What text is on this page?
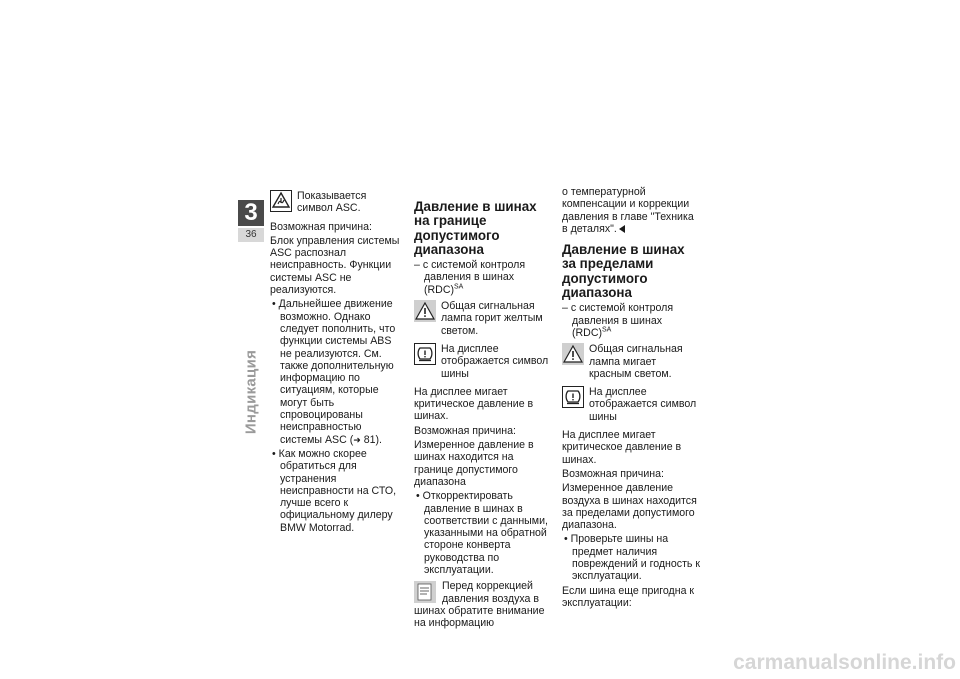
3
36
Индикация
Показывается символ ASC.

Возможная причина:

Блок управления системы ASC распознал неисправность. Функции системы ASC не реализуются.

• Дальнейшее движение возможно. Однако следует пополнить, что функции системы ABS не реализуются. См. также дополнительную информацию по ситуациям, которые могут быть спровоцированы неисправностью системы ASC (➜ 81).

• Как можно скорее обратиться для устранения неисправности на СТО, лучше всего к официальному дилеру BMW Motorrad.

Давление в шинах на границе допустимого диапазона

– с системой контроля давления в шинах (RDC)$^{SA}$

Общая сигнальная лампа горит желтым светом.
На дисплее отображается символ шины

На дисплее мигает критическое давление в шинах.

Возможная причина:

Измеренное давление в шинах находится на границе допустимого диапазона

• Откорректировать давление в шинах в соответствии с данными, указанными на обратной стороне конверта руководства по эксплуатации.

Перед коррекцией давления воздуха в шинах обратите внимание на информацию

о температурной компенсации и коррекции давления в главе "Техника в деталях".

Давление в шинах за пределами допустимого диапазона

– с системой контроля давления в шинах (RDC)$^{SA}$

Общая сигнальная лампа мигает красным светом.
На дисплее отображается символ шины

На дисплее мигает критическое давление в шинах.

Возможная причина:

Измеренное давление воздуха в шинах находится за пределами допустимого диапазона.

• Проверьте шины на предмет наличия повреждений и годность к эксплуатации.

Если шина еще пригодна к эксплуатации:

carmanualsonline.info
